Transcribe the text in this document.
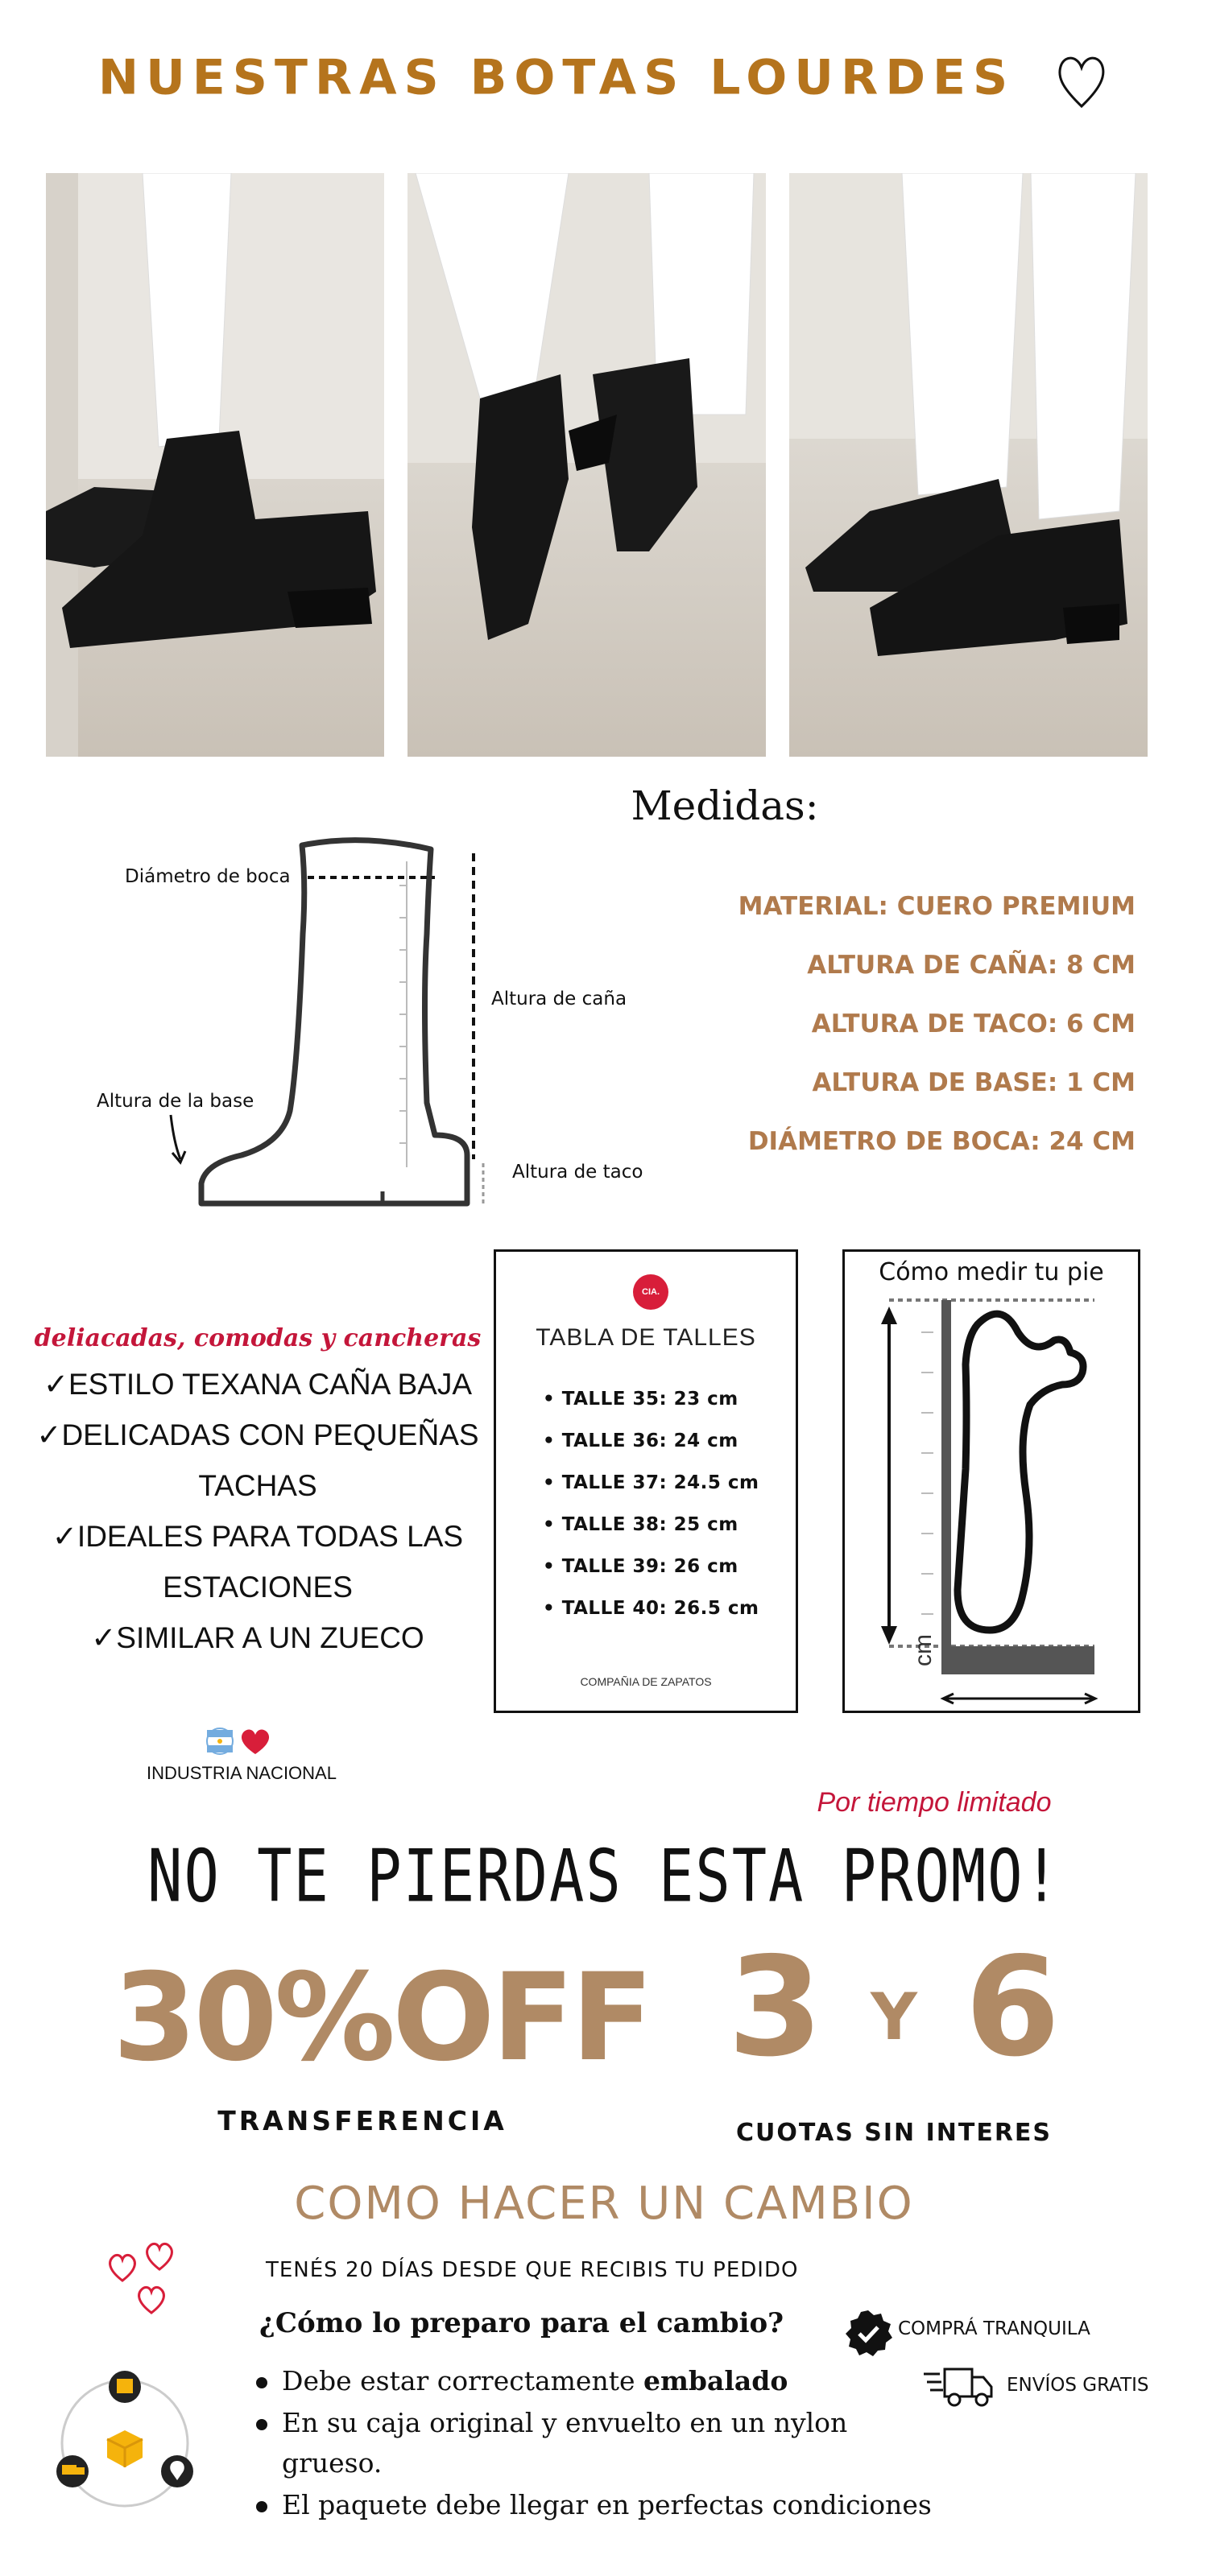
NUESTRAS BOTAS LOURDES
Medidas:
Diámetro de boca
Altura de caña
Altura de la base
Altura de taco
MATERIAL: CUERO PREMIUM
ALTURA DE CAÑA: 8 CM
ALTURA DE TACO: 6 CM
ALTURA DE BASE: 1 CM
DIÁMETRO DE BOCA: 24 CM
deliacadas, comodas y cancheras
✓ESTILO TEXANA CAÑA BAJA
✓DELICADAS CON PEQUEÑAS
TACHAS
✓IDEALES PARA TODAS LAS
ESTACIONES
✓SIMILAR A UN ZUECO
CIA.
TABLA DE TALLES
• TALLE 35: 23 cm
• TALLE 36: 24 cm
• TALLE 37: 24.5 cm
• TALLE 38: 25 cm
• TALLE 39: 26 cm
• TALLE 40: 26.5 cm
COMPAÑIA DE ZAPATOS
Cómo medir tu pie
cm
INDUSTRIA NACIONAL
Por tiempo limitado
NO TE PIERDAS ESTA PROMO!
30%OFF 3 Y 6
TRANSFERENCIA	CUOTAS SIN INTERES
COMO HACER UN CAMBIO
TENÉS 20 DÍAS DESDE QUE RECIBIS TU PEDIDO
¿Cómo lo preparo para el cambio?
Debe estar correctamente embalado
En su caja original y envuelto en un nylon
grueso.
El paquete debe llegar en perfectas condiciones
COMPRÁ TRANQUILA
ENVÍOS GRATIS
